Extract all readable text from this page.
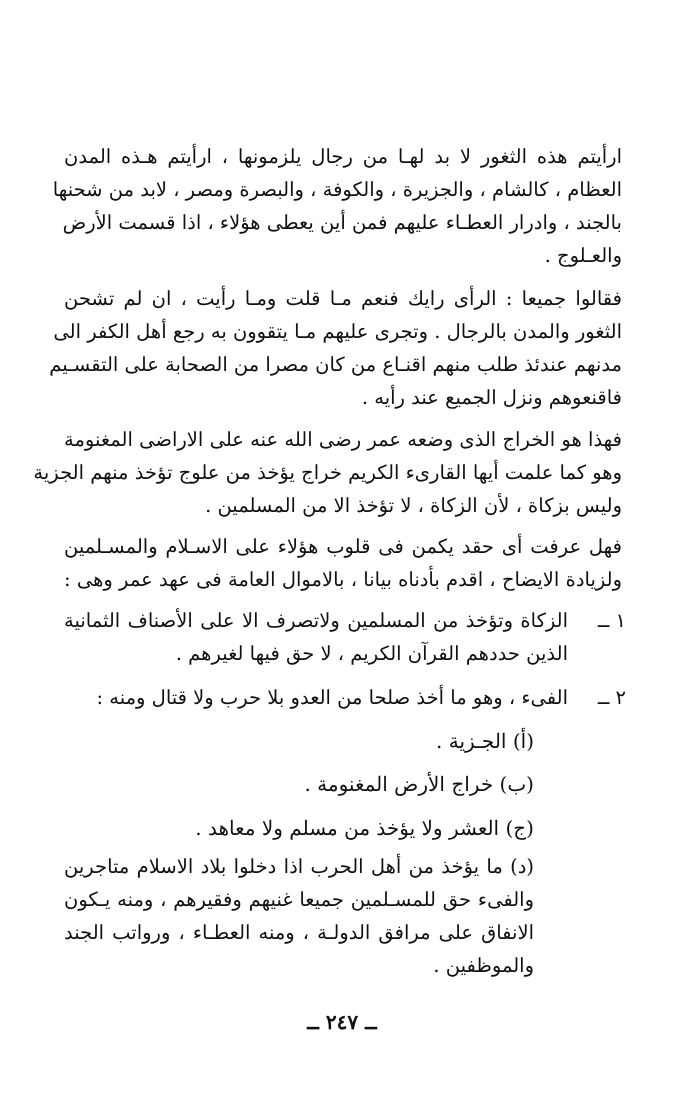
ارأيتم هذه الثغور لا بد لهـا من رجال يلزمونها ، ارأيتم هـذه المدن
العظام ، كالشام ، والجزيرة ، والكوفة ، والبصرة ومصر ، لابد من شحنها
بالجند ، وادرار العطـاء عليهم فمن أين يعطى هؤلاء ، اذا قسمت الأرض
والعـلوج .

فقالوا جميعا : الرأى رايك فنعم مـا قلت ومـا رأيت ، ان لم تشحن
الثغور والمدن بالرجال . وتجرى عليهم مـا يتقوون به رجع أهل الكفر الى
مدنهم عندئذ طلب منهم اقنـاع من كان مصرا من الصحابة على التقسـيم
فاقنعوهم ونزل الجميع عند رأيه .

فهذا هو الخراج الذى وضعه عمر رضى الله عنه على الاراضى المغنومة
وهو كما علمت أيها القارىء الكريم خراج يؤخذ من علوج تؤخذ منهم الجزية
وليس بزكاة ، لأن الزكاة ، لا تؤخذ الا من المسلمين .

فهل عرفت أى حقد يكمن فى قلوب هؤلاء على الاسـلام والمسـلمين
ولزيادة الايضاح ، اقدم بأدناه بيانا ، بالاموال العامة فى عهد عمر وهى :

١ ــ

الزكاة وتؤخذ من المسلمين ولاتصرف الا على الأصناف الثمانية
الذين حددهم القرآن الكريم ، لا حق فيها لغيرهم .

٢ ــ

الفىء ، وهو ما أخذ صلحا من العدو بلا حرب ولا قتال ومنه :

(أ) الجـزية .
(ب) خراج الأرض المغنومة .
(ج) العشر ولا يؤخذ من مسلم ولا معاهد .

(د) ما يؤخذ من أهل الحرب اذا دخلوا بلاد الاسلام متاجرين
والفىء حق للمسـلمين جميعا غنيهم وفقيرهم ، ومنه يـكون
الانفاق على مرافق الدولـة ، ومنه العطـاء ، ورواتب الجند
والموظفين .

ــ ٢٤٧ ــ
